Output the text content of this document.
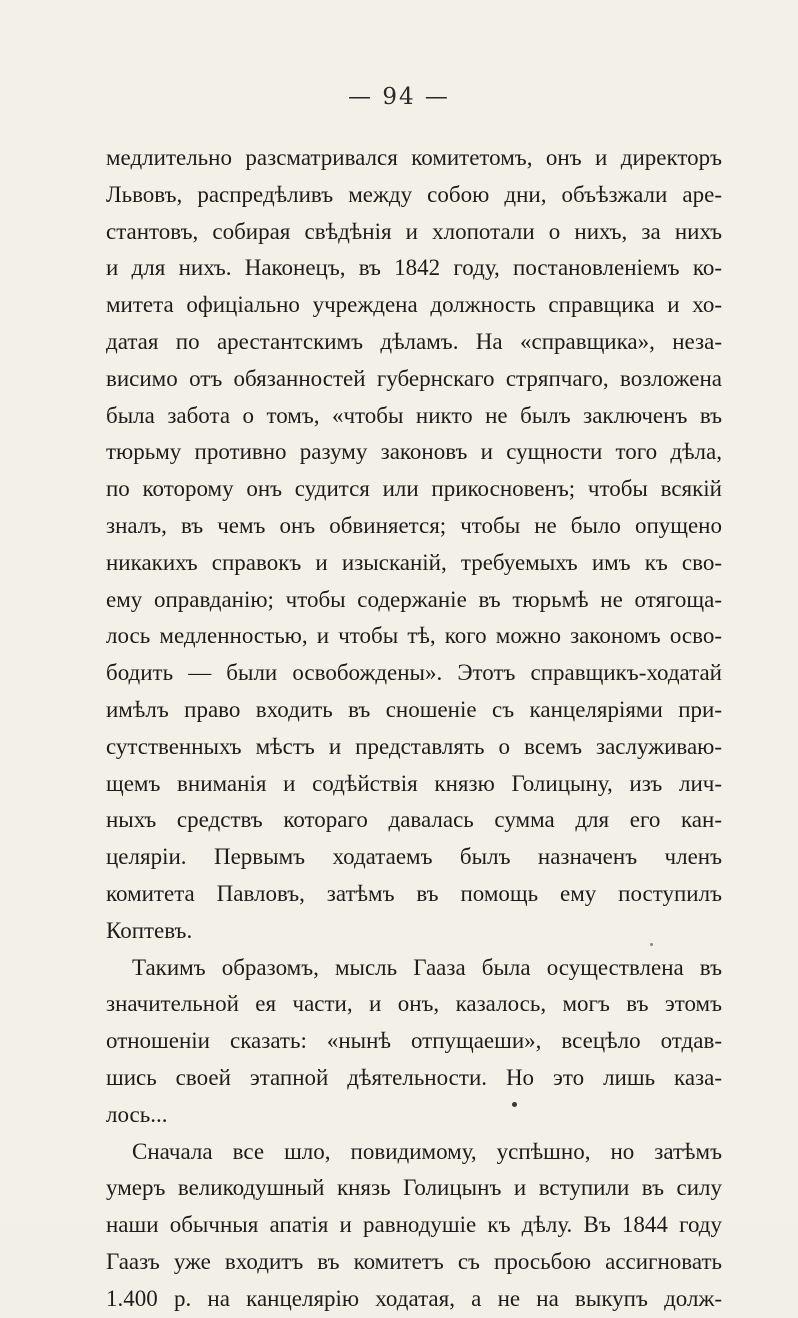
— 94 —
медлительно разсматривался комитетомъ, онъ и директоръ
Львовъ, распредѣливъ между собою дни, объѣзжали аре-
стантовъ, собирая свѣдѣнія и хлопотали о нихъ, за нихъ
и для нихъ. Наконецъ, въ 1842 году, постановленіемъ ко-
митета офиціально учреждена должность справщика и хо-
датая по арестантскимъ дѣламъ. На «справщика», неза-
висимо отъ обязанностей губернскаго стряпчаго, возложена
была забота о томъ, «чтобы никто не былъ заключенъ въ
тюрьму противно разуму законовъ и сущности того дѣла,
по которому онъ судится или прикосновенъ; чтобы всякій
зналъ, въ чемъ онъ обвиняется; чтобы не было опущено
никакихъ справокъ и изысканій, требуемыхъ имъ къ сво-
ему оправданію; чтобы содержаніе въ тюрьмѣ не отягоща-
лось медленностью, и чтобы тѣ, кого можно закономъ осво-
бодить — были освобождены». Этотъ справщикъ-ходатай
имѣлъ право входить въ сношеніе съ канцеляріями при-
сутственныхъ мѣстъ и представлять о всемъ заслуживаю-
щемъ вниманія и содѣйствія князю Голицыну, изъ лич-
ныхъ средствъ котораго давалась сумма для его кан-
целяріи. Первымъ ходатаемъ былъ назначенъ членъ
комитета Павловъ, затѣмъ въ помощь ему поступилъ
Коптевъ.
Такимъ образомъ, мысль Гааза была осуществлена въ
значительной ея части, и онъ, казалось, могъ въ этомъ
отношеніи сказать: «нынѣ отпущаеши», всецѣло отдав-
шись своей этапной дѣятельности. Но это лишь каза-
лось...
Сначала все шло, повидимому, успѣшно, но затѣмъ
умеръ великодушный князь Голицынъ и вступили въ силу
наши обычныя апатія и равнодушіе къ дѣлу. Въ 1844 году
Гаазъ уже входитъ въ комитетъ съ просьбою ассигновать
1.400 р. на канцелярію ходатая, а не на выкупъ долж-
